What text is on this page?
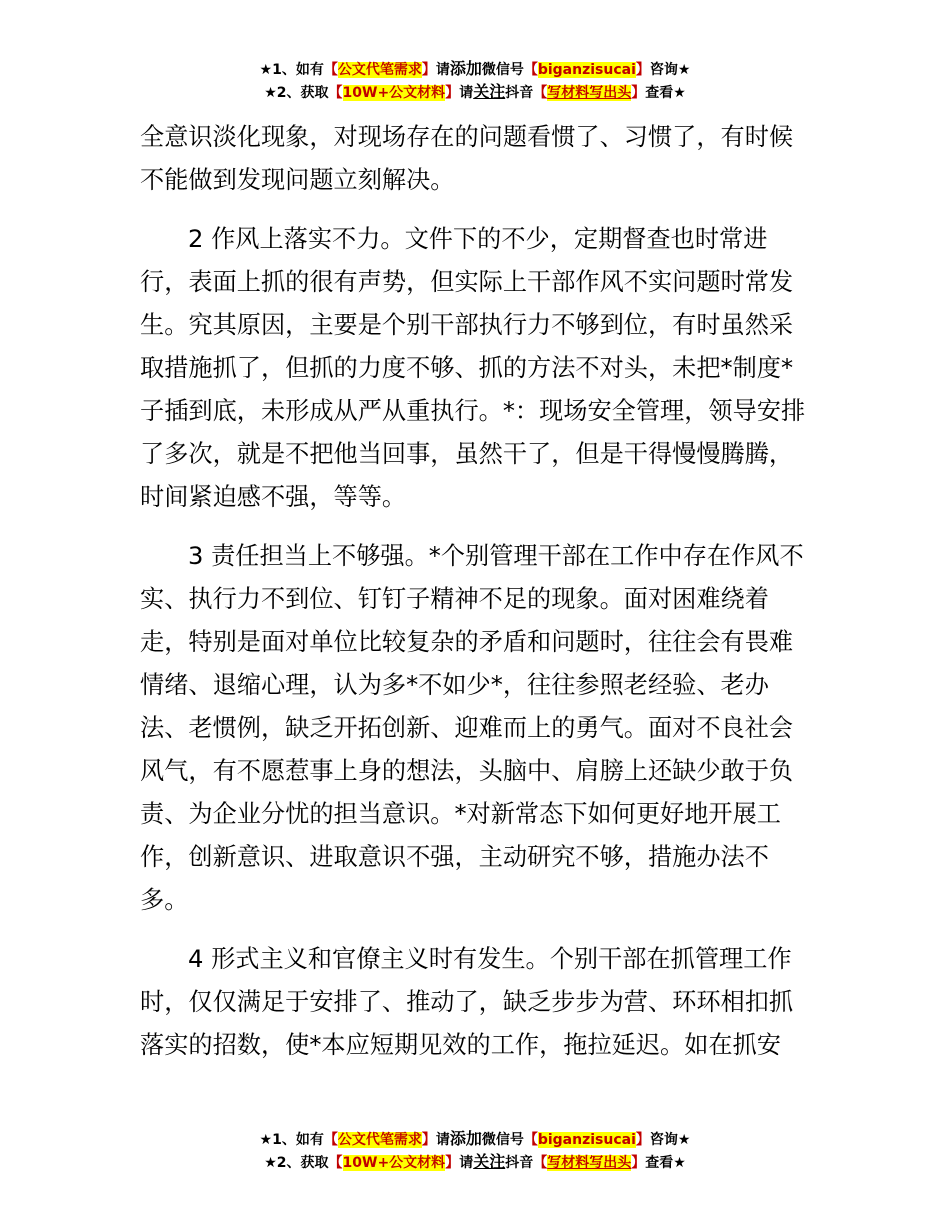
★1、如有【公文代笔需求】请添加微信号【biganzisucai】咨询★
★2、获取【10W+公文材料】请关注抖音【写材料写出头】查看★

全意识淡化现象，对现场存在的问题看惯了、习惯了，有时候不能做到发现问题立刻解决。

2 作风上落实不力。文件下的不少，定期督查也时常进行，表面上抓的很有声势，但实际上干部作风不实问题时常发生。究其原因，主要是个别干部执行力不够到位，有时虽然采取措施抓了，但抓的力度不够、抓的方法不对头，未把*制度*子插到底，未形成从严从重执行。*：现场安全管理，领导安排了多次，就是不把他当回事，虽然干了，但是干得慢慢腾腾，时间紧迫感不强，等等。

3 责任担当上不够强。*个别管理干部在工作中存在作风不实、执行力不到位、钉钉子精神不足的现象。面对困难绕着走，特别是面对单位比较复杂的矛盾和问题时，往往会有畏难情绪、退缩心理，认为多*不如少*，往往参照老经验、老办法、老惯例，缺乏开拓创新、迎难而上的勇气。面对不良社会风气，有不愿惹事上身的想法，头脑中、肩膀上还缺少敢于负责、为企业分忧的担当意识。*对新常态下如何更好地开展工作，创新意识、进取意识不强，主动研究不够，措施办法不多。

4 形式主义和官僚主义时有发生。个别干部在抓管理工作时，仅仅满足于安排了、推动了，缺乏步步为营、环环相扣抓落实的招数，使*本应短期见效的工作，拖拉延迟。如在抓安

★1、如有【公文代笔需求】请添加微信号【biganzisucai】咨询★
★2、获取【10W+公文材料】请关注抖音【写材料写出头】查看★
